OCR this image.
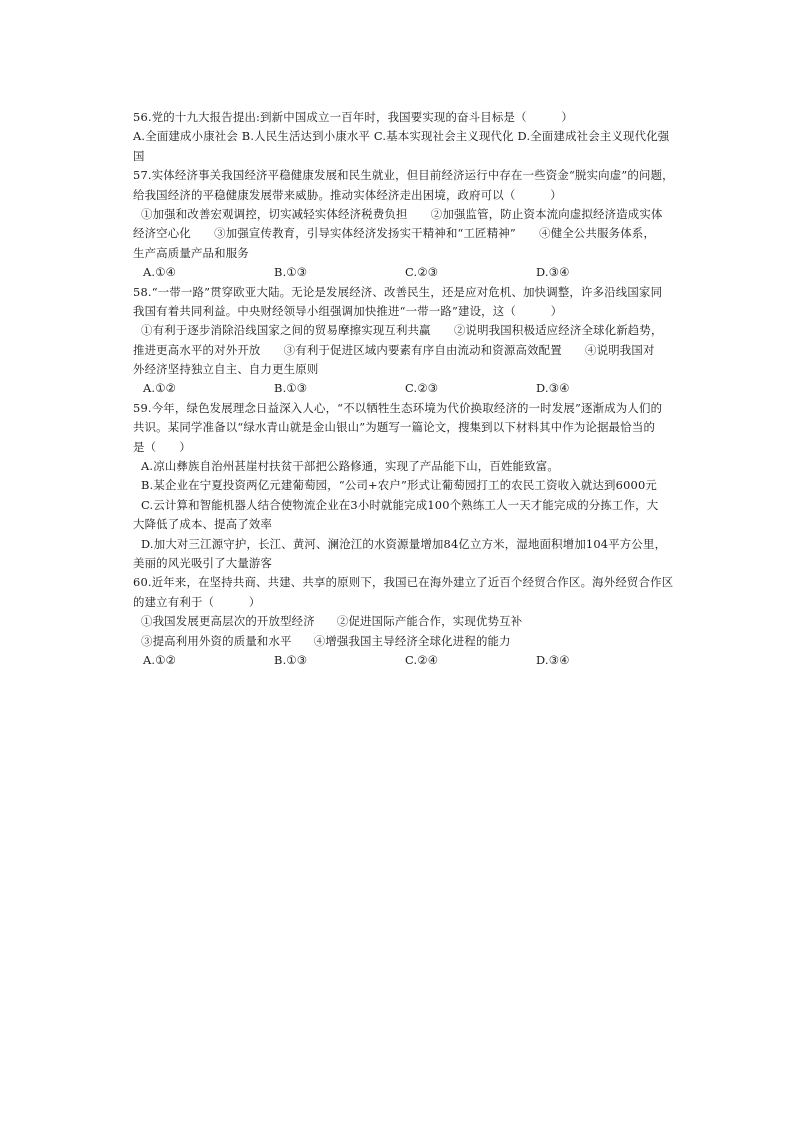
56.党的十九大报告提出:到新中国成立一百年时，我国要实现的奋斗目标是（　　　）
A.全面建成小康社会 B.人民生活达到小康水平 C.基本实现社会主义现代化 D.全面建成社会主义现代化强
国
57.实体经济事关我国经济平稳健康发展和民生就业，但目前经济运行中存在一些资金“脱实向虚”的问题，
给我国经济的平稳健康发展带来威胁。推动实体经济走出困境，政府可以（　　　）
①加强和改善宏观调控，切实减轻实体经济税费负担　　②加强监管，防止资本流向虚拟经济造成实体
经济空心化　　③加强宣传教育，引导实体经济发扬实干精神和“工匠精神”　　④健全公共服务体系，
生产高质量产品和服务
A.①④	B.①③	C.②③	D.③④
58.“一带一路”贯穿欧亚大陆。无论是发展经济、改善民生，还是应对危机、加快调整，许多沿线国家同
我国有着共同利益。中央财经领导小组强调加快推进“一带一路”建设，这（　　　）
①有利于逐步消除沿线国家之间的贸易摩擦实现互利共赢　　②说明我国积极适应经济全球化新趋势，
推进更高水平的对外开放　　③有利于促进区域内要素有序自由流动和资源高效配置　　④说明我国对
外经济坚持独立自主、自力更生原则
A.①②	B.①③	C.②③	D.③④
59.今年，绿色发展理念日益深入人心，“不以牺牲生态环境为代价换取经济的一时发展”逐渐成为人们的
共识。某同学准备以“绿水青山就是金山银山”为题写一篇论文，搜集到以下材料其中作为论据最恰当的
是（　　）
A.凉山彝族自治州甚崖村扶贫干部把公路修通，实现了产品能下山，百姓能致富。
B.某企业在宁夏投资两亿元建葡萄园，“公司+农户”形式让葡萄园打工的农民工资收入就达到6000元
C.云计算和智能机器人结合使物流企业在3小时就能完成100个熟练工人一天才能完成的分拣工作，大
大降低了成本、提高了效率
D.加大对三江源守护，长江、黄河、澜沧江的水资源量增加84亿立方米，湿地面积增加104平方公里，
美丽的风光吸引了大量游客
60.近年来，在坚持共商、共建、共享的原则下，我国已在海外建立了近百个经贸合作区。海外经贸合作区
的建立有利于（　　　）
①我国发展更高层次的开放型经济 ②促进国际产能合作，实现优势互补
③提高利用外资的质量和水平 ④增强我国主导经济全球化进程的能力
A.①②	B.①③	C.②④	D.③④
